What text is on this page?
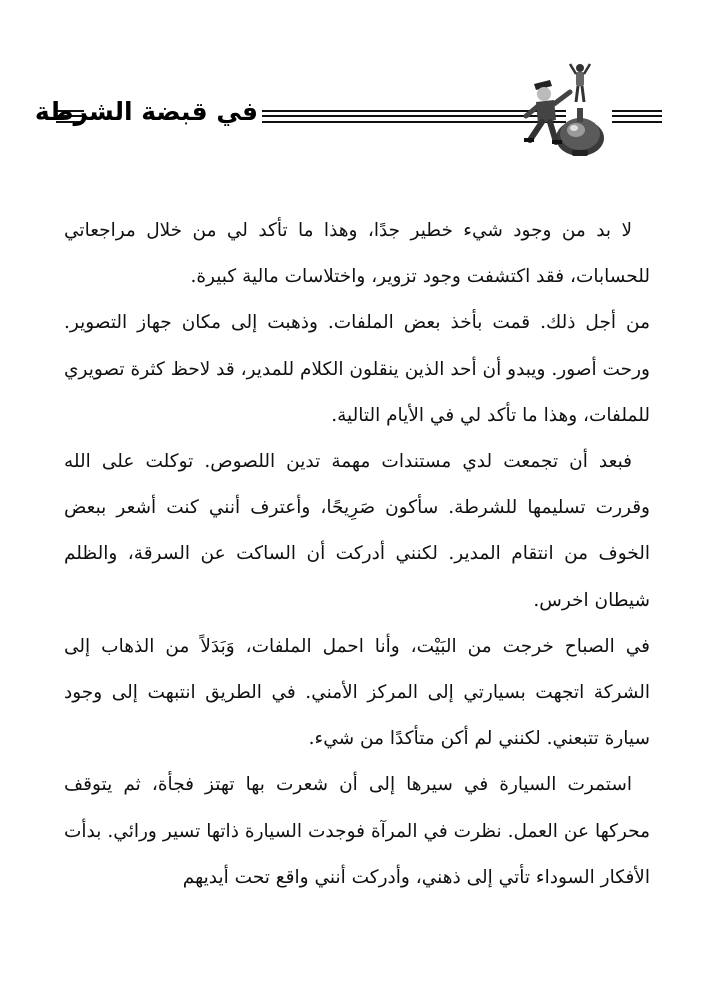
في قبضة الشرطة

لا بد من وجود شيء خطير جدًا، وهذا ما تأكد لي من خلال مراجعاتي للحسابات، فقد اكتشفت وجود تزوير، واختلاسات مالية كبيرة.

من أجل ذلك. قمت بأخذ بعض الملفات. وذهبت إلى مكان جهاز التصوير. ورحت أصور. ويبدو أن أحد الذين ينقلون الكلام للمدير، قد لاحظ كثرة تصويري للملفات، وهذا ما تأكد لي في الأيام التالية.

فبعد أن تجمعت لدي مستندات مهمة تدين اللصوص. توكلت على الله وقررت تسليمها للشرطة. سأكون صَرِيحًا، وأعترف أنني كنت أشعر ببعض الخوف من انتقام المدير. لكنني أدركت أن الساكت عن السرقة، والظلم شيطان اخرس.

في الصباح خرجت من البَيْت، وأنا احمل الملفات، وَبَدَلاً من الذهاب إلى الشركة اتجهت بسيارتي إلى المركز الأمني. في الطريق انتبهت إلى وجود سيارة تتبعني. لكنني لم أكن متأكدًا من شيء.

استمرت السيارة في سيرها إلى أن شعرت بها تهتز فجأة، ثم يتوقف محركها عن العمل. نظرت في المرآة فوجدت السيارة ذاتها تسير ورائي. بدأت الأفكار السوداء تأتي إلى ذهني، وأدركت أنني واقع تحت أيديهم
